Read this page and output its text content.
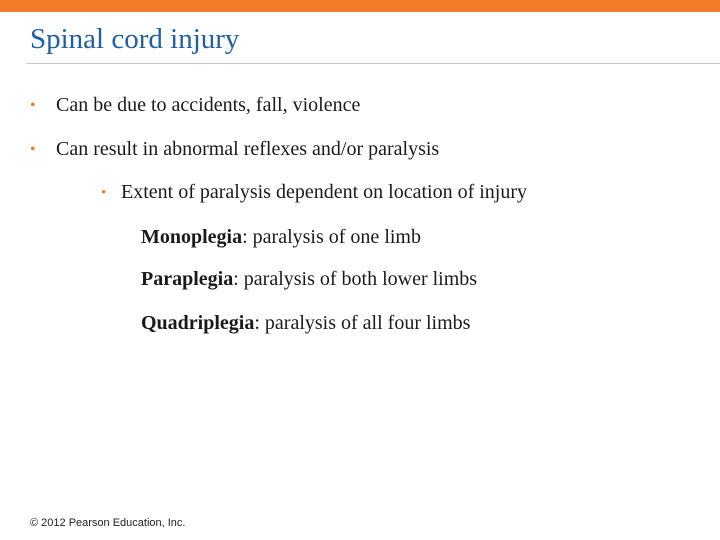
Spinal cord injury
• Can be due to accidents, fall, violence
• Can result in abnormal reflexes and/or paralysis
• Extent of paralysis dependent on location of injury
Monoplegia: paralysis of one limb
Paraplegia: paralysis of both lower limbs
Quadriplegia: paralysis of all four limbs
© 2012 Pearson Education, Inc.
